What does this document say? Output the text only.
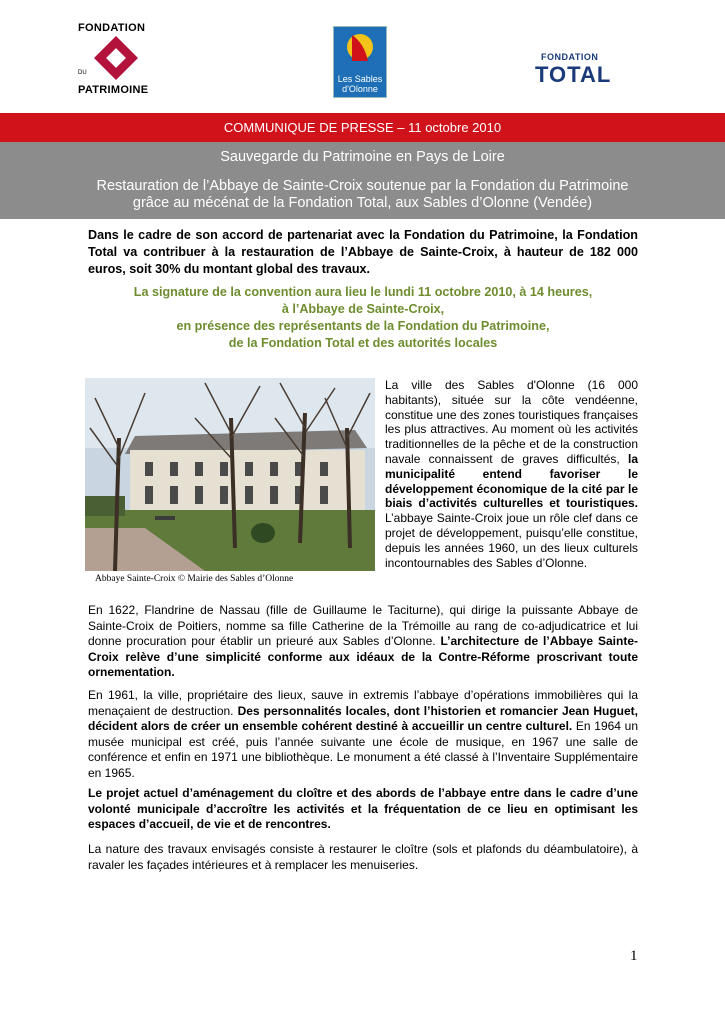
FONDATION
DU
PATRIMOINE
Les Sables
d'Olonne
FONDATION
TOTAL
COMMUNIQUE DE PRESSE – 11 octobre 2010
Sauvegarde du Patrimoine en Pays de Loire
Restauration de l’Abbaye de Sainte-Croix soutenue par la Fondation du Patrimoine
grâce au mécénat de la Fondation Total, aux Sables d’Olonne (Vendée)
Dans le cadre de son accord de partenariat avec la Fondation du Patrimoine, la Fondation Total va contribuer à la restauration de l’Abbaye de Sainte-Croix, à hauteur de 182 000 euros, soit 30% du montant global des travaux.
La signature de la convention aura lieu le lundi 11 octobre 2010, à 14 heures,
à l’Abbaye de Sainte-Croix,
en présence des représentants de la Fondation du Patrimoine,
de la Fondation Total et des autorités locales
Abbaye Sainte-Croix © Mairie des Sables d’Olonne
La ville des Sables d'Olonne (16 000 habitants), située sur la côte vendéenne, constitue une des zones touristiques françaises les plus attractives. Au moment où les activités traditionnelles de la pêche et de la construction navale connaissent de graves difficultés, la municipalité entend favoriser le développement économique de la cité par le biais d’activités culturelles et touristiques. L’abbaye Sainte-Croix joue un rôle clef dans ce projet de développement, puisqu’elle constitue, depuis les années 1960, un des lieux culturels incontournables des Sables d’Olonne.
En 1622, Flandrine de Nassau (fille de Guillaume le Taciturne), qui dirige la puissante Abbaye de Sainte-Croix de Poitiers, nomme sa fille Catherine de la Trémoille au rang de co-adjudicatrice et lui donne procuration pour établir un prieuré aux Sables d’Olonne. L’architecture de l’Abbaye Sainte-Croix relève d’une simplicité conforme aux idéaux de la Contre-Réforme proscrivant toute ornementation.
En 1961, la ville, propriétaire des lieux, sauve in extremis l’abbaye d’opérations immobilières qui la menaçaient de destruction. Des personnalités locales, dont l’historien et romancier Jean Huguet, décident alors de créer un ensemble cohérent destiné à accueillir un centre culturel. En 1964 un musée municipal est créé, puis l’année suivante une école de musique, en 1967 une salle de conférence et enfin en 1971 une bibliothèque. Le monument a été classé à l’Inventaire Supplémentaire en 1965.
Le projet actuel d’aménagement du cloître et des abords de l’abbaye entre dans le cadre d’une volonté municipale d’accroître les activités et la fréquentation de ce lieu en optimisant les espaces d’accueil, de vie et de rencontres.
La nature des travaux envisagés consiste à restaurer le cloître (sols et plafonds du déambulatoire), à ravaler les façades intérieures et à remplacer les menuiseries.
1
